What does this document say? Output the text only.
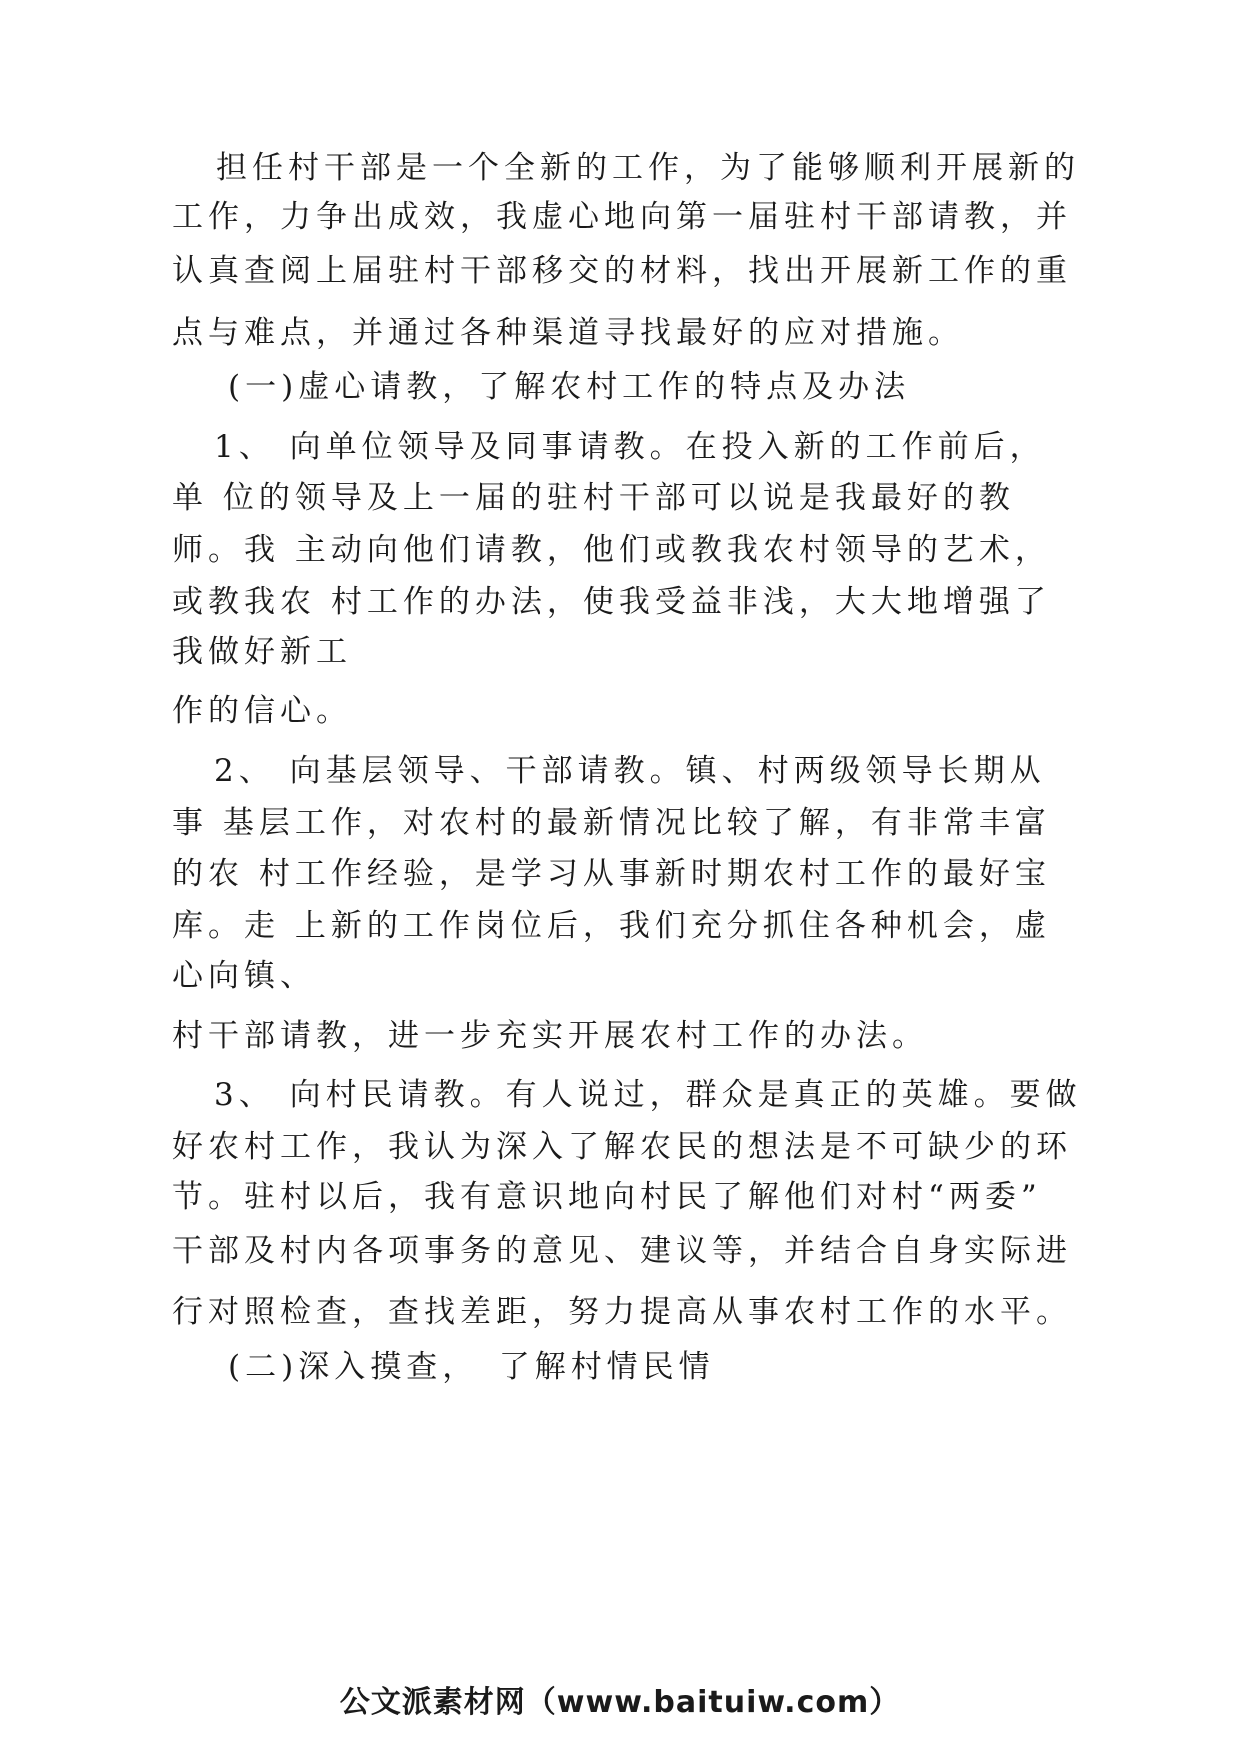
担任村干部是一个全新的工作，为了能够顺利开展新的
工作，力争出成效，我虚心地向第一届驻村干部请教，并
认真查阅上届驻村干部移交的材料，找出开展新工作的重
点与难点，并通过各种渠道寻找最好的应对措施。
(一)虚心请教，了解农村工作的特点及办法
1、 向单位领导及同事请教。在投入新的工作前后，
单 位的领导及上一届的驻村干部可以说是我最好的教
师。我 主动向他们请教，他们或教我农村领导的艺术，
或教我农 村工作的办法，使我受益非浅，大大地增强了
我做好新工
作的信心。
2、 向基层领导、干部请教。镇、村两级领导长期从
事 基层工作，对农村的最新情况比较了解，有非常丰富
的农 村工作经验，是学习从事新时期农村工作的最好宝
库。走 上新的工作岗位后，我们充分抓住各种机会，虚
心向镇、
村干部请教，进一步充实开展农村工作的办法。
3、 向村民请教。有人说过，群众是真正的英雄。要做
好农村工作，我认为深入了解农民的想法是不可缺少的环
节。驻村以后，我有意识地向村民了解他们对村“两委”
干部及村内各项事务的意见、建议等，并结合自身实际进
行对照检查，查找差距，努力提高从事农村工作的水平。
(二)深入摸查，　了解村情民情
公文派素材网（www.baituiw.com）
